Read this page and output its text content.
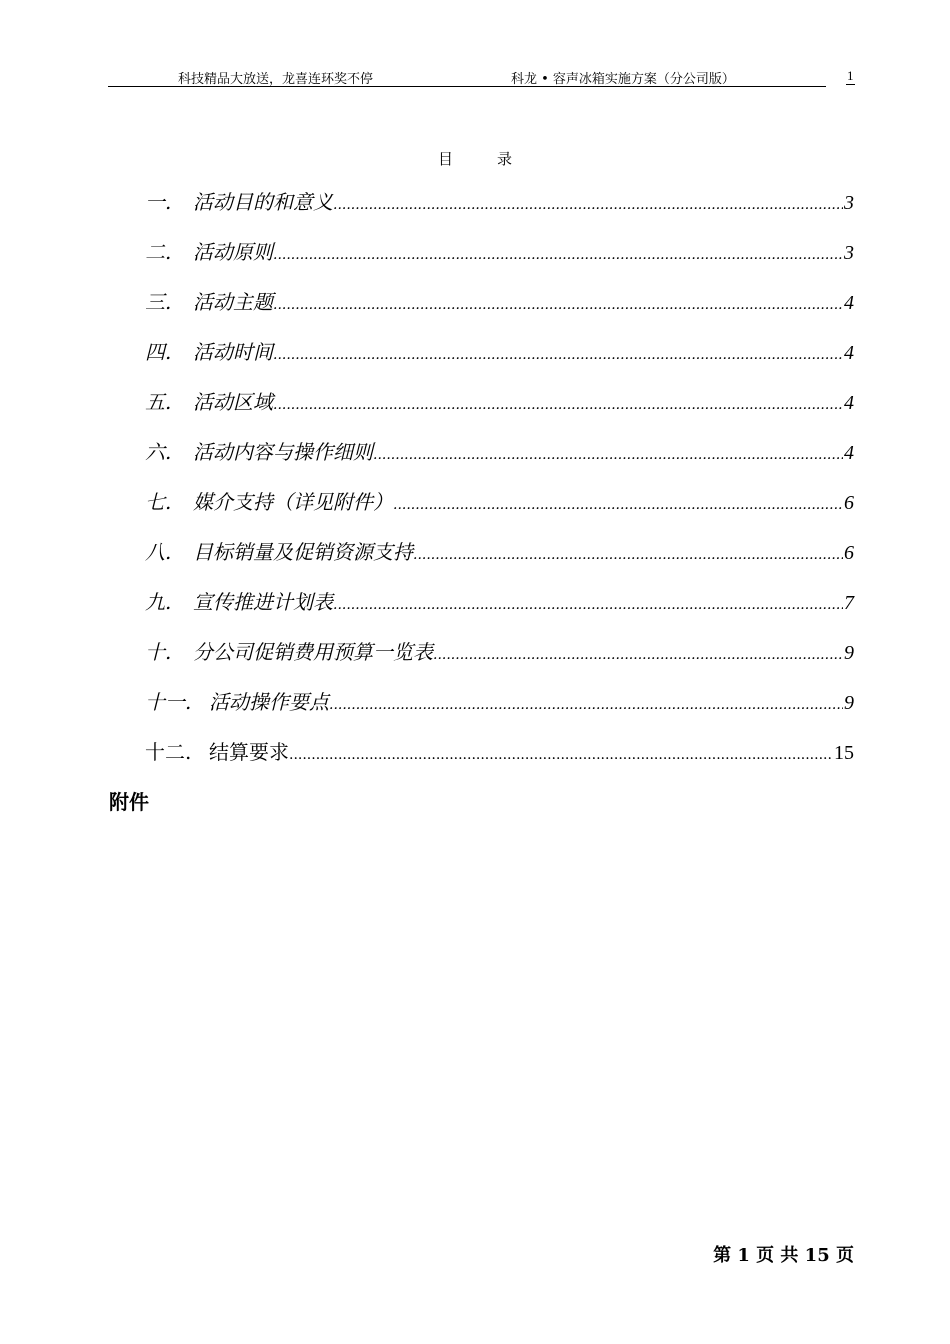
科技精品大放送，龙喜连环奖不停	科龙 • 容声冰箱实施方案（分公司版）	1
目录
一.	活动目的和意义 .....	3
二.	活动原则 .....	3
三.	活动主题 .....	4
四.	活动时间 .....	4
五.	活动区域 .....	4
六.	活动内容与操作细则 .....	4
七.	媒介支持（详见附件） .....	6
八.	目标销量及促销资源支持 .....	6
九.	宣传推进计划表 .....	7
十.	分公司促销费用预算一览表 .....	9
十一. 活动操作要点 .....	9
十二. 结算要求 .....	15
附件
第 1 页 共 15 页
